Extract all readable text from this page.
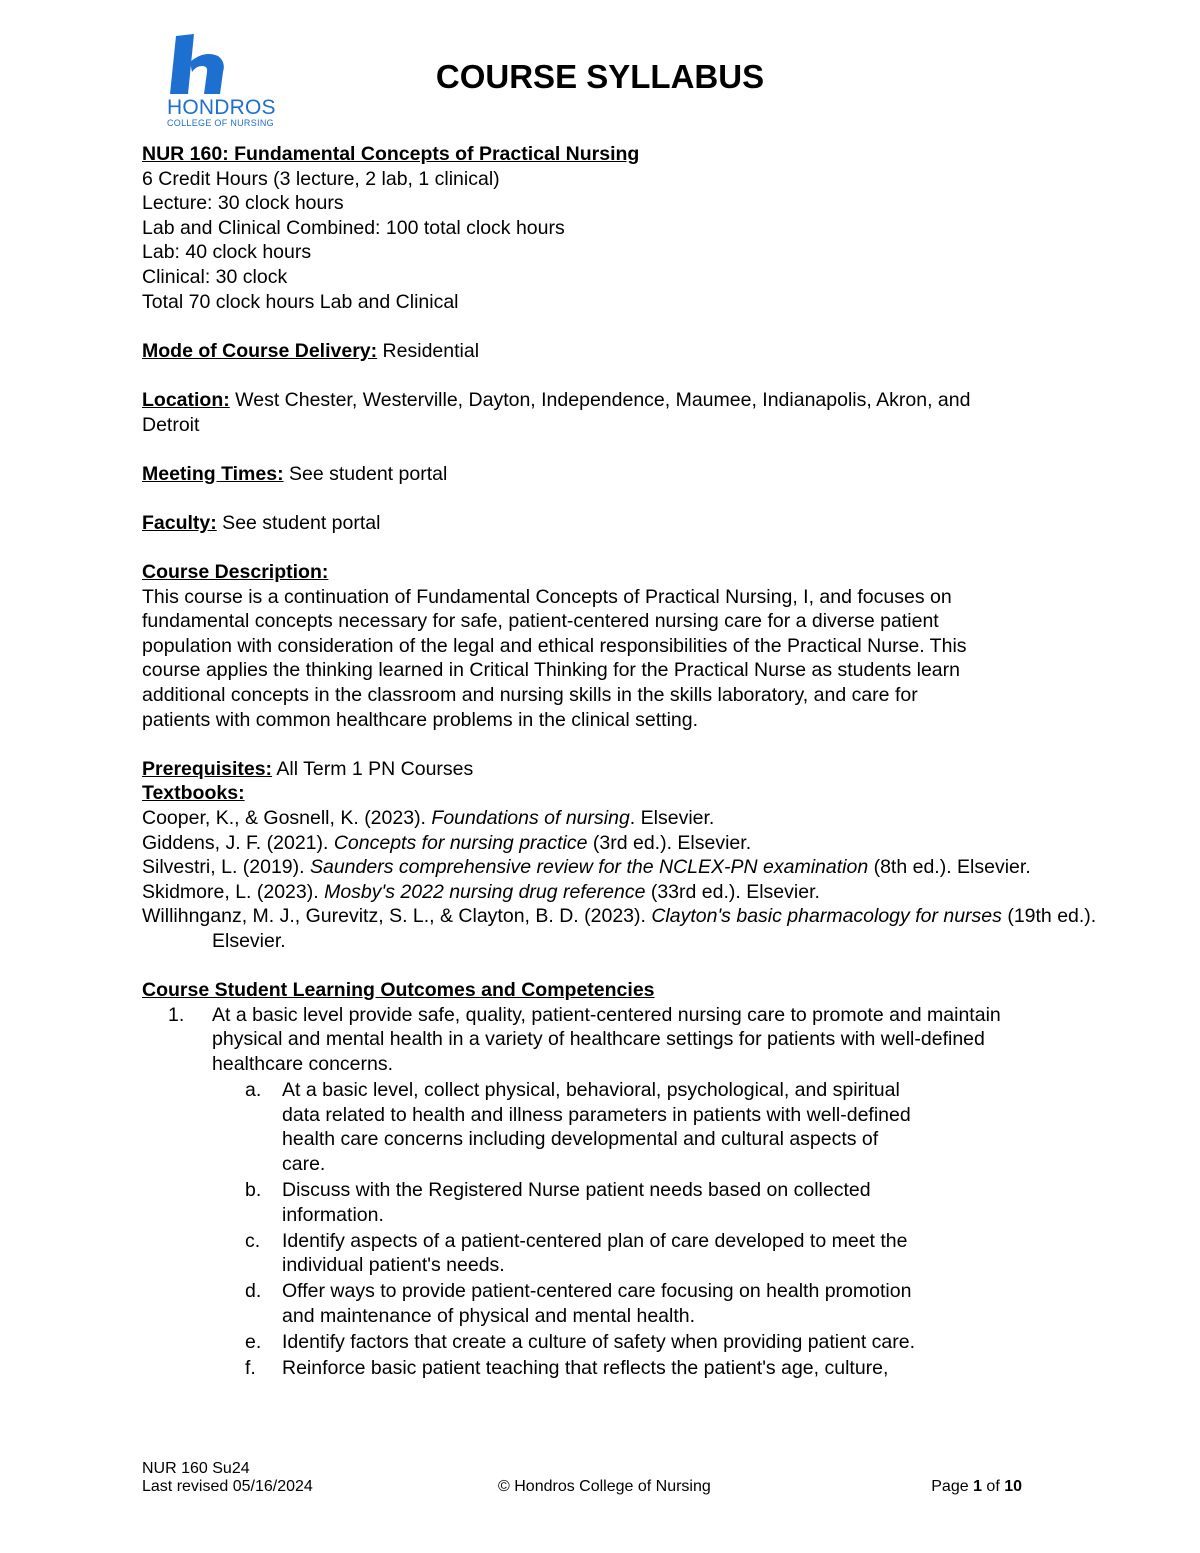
HONDROS
COLLEGE OF NURSING
COURSE SYLLABUS

NUR 160: Fundamental Concepts of Practical Nursing

6 Credit Hours (3 lecture, 2 lab, 1 clinical)

Lecture: 30 clock hours

Lab and Clinical Combined: 100 total clock hours

Lab: 40 clock hours

Clinical: 30 clock

Total 70 clock hours Lab and Clinical

Mode of Course Delivery: Residential

Location: West Chester, Westerville, Dayton, Independence, Maumee, Indianapolis, Akron, and Detroit

Meeting Times: See student portal

Faculty: See student portal

Course Description:

This course is a continuation of Fundamental Concepts of Practical Nursing, I, and focuses on

fundamental concepts necessary for safe, patient-centered nursing care for a diverse patient

population with consideration of the legal and ethical responsibilities of the Practical Nurse. This

course applies the thinking learned in Critical Thinking for the Practical Nurse as students learn

additional concepts in the classroom and nursing skills in the skills laboratory, and care for

patients with common healthcare problems in the clinical setting.

Prerequisites: All Term 1 PN Courses

Textbooks:

Cooper, K., & Gosnell, K. (2023). Foundations of nursing. Elsevier.

Giddens, J. F. (2021). Concepts for nursing practice (3rd ed.). Elsevier.

Silvestri, L. (2019). Saunders comprehensive review for the NCLEX-PN examination (8th ed.). Elsevier.

Skidmore, L. (2023). Mosby's 2022 nursing drug reference (33rd ed.). Elsevier.

Willihnganz, M. J., Gurevitz, S. L., & Clayton, B. D. (2023). Clayton's basic pharmacology for nurses (19th ed.). Elsevier.

Course Student Learning Outcomes and Competencies

1. At a basic level provide safe, quality, patient-centered nursing care to promote and maintain physical and mental health in a variety of healthcare settings for patients with well-defined healthcare concerns.
a. At a basic level, collect physical, behavioral, psychological, and spiritual data related to health and illness parameters in patients with well-defined health care concerns including developmental and cultural aspects of care.
b. Discuss with the Registered Nurse patient needs based on collected information.
c. Identify aspects of a patient-centered plan of care developed to meet the individual patient's needs.
d. Offer ways to provide patient-centered care focusing on health promotion and maintenance of physical and mental health.
e. Identify factors that create a culture of safety when providing patient care.
f. Reinforce basic patient teaching that reflects the patient's age, culture,
NUR 160 Su24
Last revised 05/16/2024	© Hondros College of Nursing	Page 1 of 10
